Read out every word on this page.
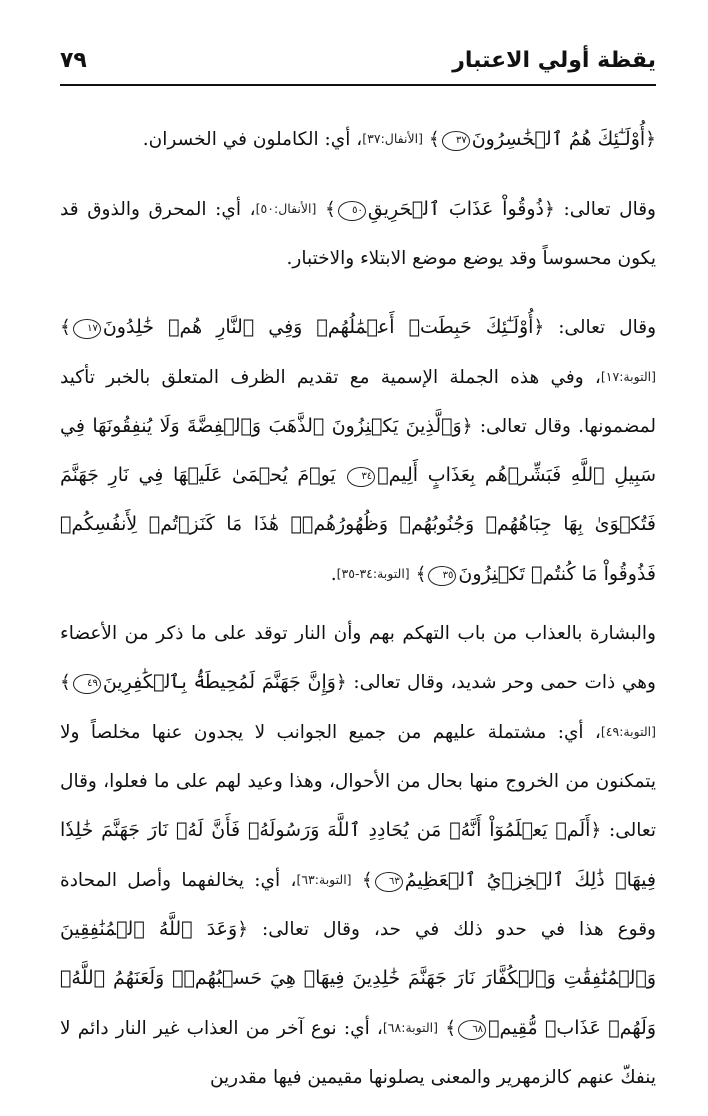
يقظة أولي الاعتبار
٧٩

﴿أُوْلَـٰٓئِكَ هُمُ ٱلۡخَٰسِرُونَ٣٧﴾ [الأنفال:٣٧]، أي: الكاملون في الخسران.

وقال تعالى: ﴿ذُوقُواْ عَذَابَ ٱلۡحَرِيقِ٥٠﴾ [الأنفال:٥٠]، أي: المحرق والذوق قد يكون محسوساً وقد يوضع موضع الابتلاء والاختبار.

وقال تعالى: ﴿أُوْلَـٰٓئِكَ حَبِطَتۡ أَعۡمَٰلُهُمۡ وَفِي ٱلنَّارِ هُمۡ خَٰلِدُونَ١٧﴾ [التوبة:١٧]، وفي هذه الجملة الإسمية مع تقديم الظرف المتعلق بالخبر تأكيد لمضمونها. وقال تعالى: ﴿وَٱلَّذِينَ يَكۡنِزُونَ ٱلذَّهَبَ وَٱلۡفِضَّةَ وَلَا يُنفِقُونَهَا فِي سَبِيلِ ٱللَّهِ فَبَشِّرۡهُم بِعَذَابٍ أَلِيمٖ٣٤ يَوۡمَ يُحۡمَىٰ عَلَيۡهَا فِي نَارِ جَهَنَّمَ فَتُكۡوَىٰ بِهَا جِبَاهُهُمۡ وَجُنُوبُهُمۡ وَظُهُورُهُمۡۖ هَٰذَا مَا كَنَزۡتُمۡ لِأَنفُسِكُمۡ فَذُوقُواْ مَا كُنتُمۡ تَكۡنِزُونَ٣٥﴾ [التوبة:٣٤-٣٥].

والبشارة بالعذاب من باب التهكم بهم وأن النار توقد على ما ذكر من الأعضاء وهي ذات حمى وحر شديد، وقال تعالى: ﴿وَإِنَّ جَهَنَّمَ لَمُحِيطَةُۢ بِٱلۡكَٰفِرِينَ٤٩﴾ [التوبة:٤٩]، أي: مشتملة عليهم من جميع الجوانب لا يجدون عنها مخلصاً ولا يتمكنون من الخروج منها بحال من الأحوال، وهذا وعيد لهم على ما فعلوا، وقال تعالى: ﴿أَلَمۡ يَعۡلَمُوٓاْ أَنَّهُۥ مَن يُحَادِدِ ٱللَّهَ وَرَسُولَهُۥ فَأَنَّ لَهُۥ نَارَ جَهَنَّمَ خَٰلِدٗا فِيهَاۚ ذَٰلِكَ ٱلۡخِزۡيُ ٱلۡعَظِيمُ٦٣﴾ [التوبة:٦٣]، أي: يخالفهما وأصل المحادة وقوع هذا في حدو ذلك في حد، وقال تعالى: ﴿وَعَدَ ٱللَّهُ ٱلۡمُنَٰفِقِينَ وَٱلۡمُنَٰفِقَٰتِ وَٱلۡكُفَّارَ نَارَ جَهَنَّمَ خَٰلِدِينَ فِيهَاۚ هِيَ حَسۡبُهُمۡۚ وَلَعَنَهُمُ ٱللَّهُۖ وَلَهُمۡ عَذَابٞ مُّقِيمٞ٦٨﴾ [التوبة:٦٨]، أي: نوع آخر من العذاب غير النار دائم لا ينفكّ عنهم كالزمهرير والمعنى يصلونها مقيمين فيها مقدرين
